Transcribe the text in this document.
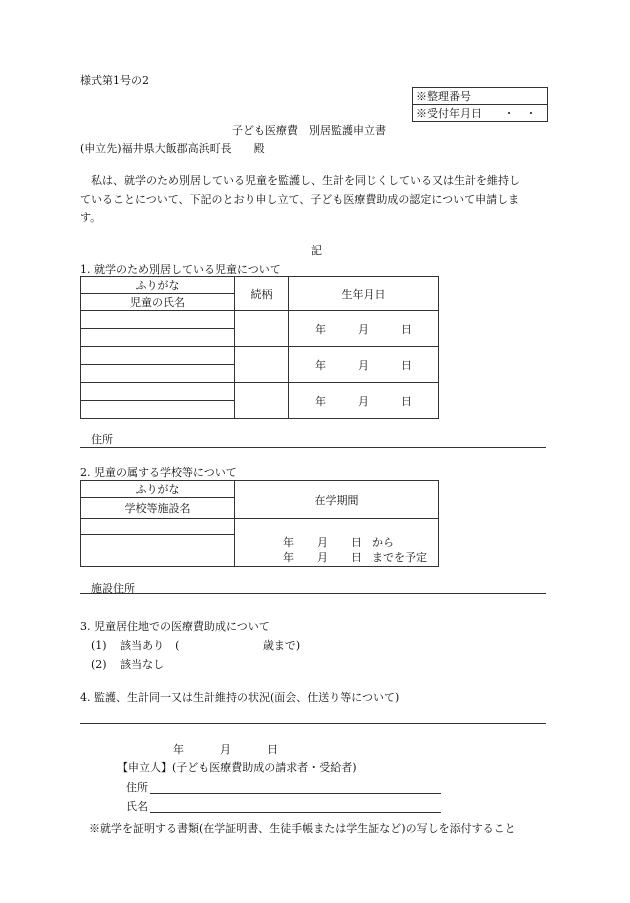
様式第1号の2
※整理番号
※受付年月日 ・　・
子ども医療費　別居監護申立書
(申立先)福井県大飯郡高浜町長　　殿
私は、就学のため別居している児童を監護し、生計を同じくしている又は生計を維持し
ていることについて、下記のとおり申し立て、子ども医療費助成の認定について申請しま
す。
記
1. 就学のため別居している児童について
ふりがな	続柄	生年月日
児童の氏名		
		年 月 日

		年 月 日

		年 月 日

住所
2. 児童の属する学校等について
ふりがな	在学期間
学校等施設名	

	年 月 日 から
年 月 日 までを予定

施設住所
3. 児童居住地での医療費助成について
(1) 該当あり　(	歳まで)
(2) 該当なし
4. 監護、生計同一又は生計維持の状況(面会、仕送り等について)
年	月	日
【申立人】(子ども医療費助成の請求者・受給者)
住所
氏名
※就学を証明する書類(在学証明書、生徒手帳または学生証など)の写しを添付すること
